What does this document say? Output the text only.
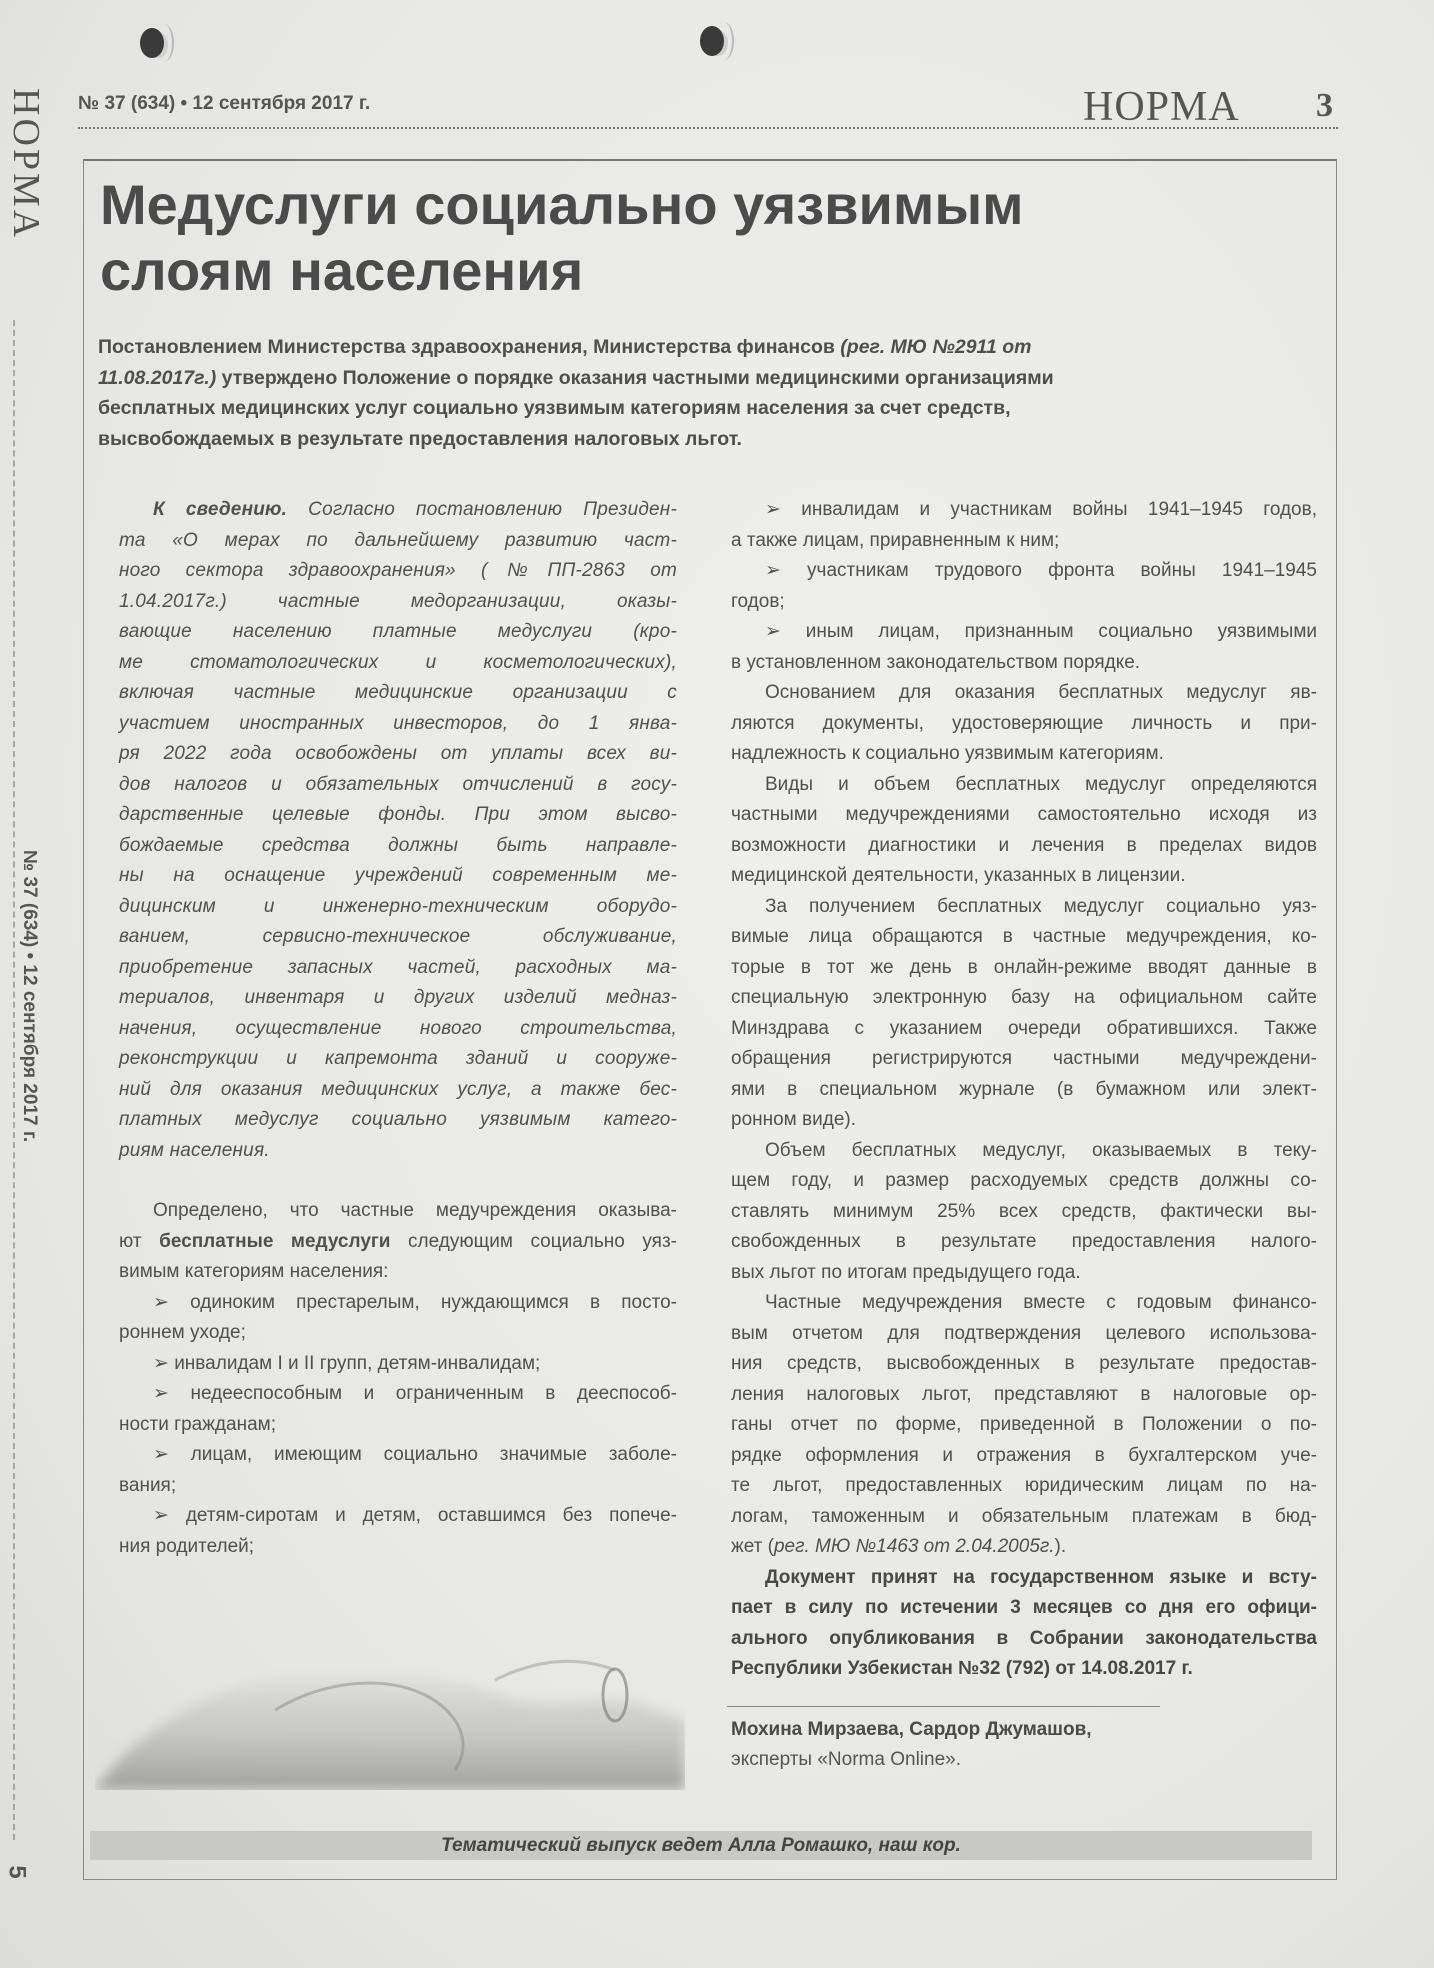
НОРМА
№ 37 (634) • 12 сентября 2017 г.
5
№ 37 (634) • 12 сентября 2017 г.	НОРМА 3
Медуслуги социально уязвимым
слоям населения
Постановлением Министерства здравоохранения, Министерства финансов (рег. МЮ №2911 от
11.08.2017г.) утверждено Положение о порядке оказания частными медицинскими организациями
бесплатных медицинских услуг социально уязвимым категориям населения за счет средств,
высвобождаемых в результате предоставления налоговых льгот.
К сведению. Согласно постановлению Президен-
та «О мерах по дальнейшему развитию част-
ного сектора здравоохранения» (№ПП-2863 от
1.04.2017г.) частные медорганизации, оказы-
вающие населению платные медуслуги (кро-
ме стоматологических и косметологических),
включая частные медицинские организации с
участием иностранных инвесторов, до 1 янва-
ря 2022 года освобождены от уплаты всех ви-
дов налогов и обязательных отчислений в госу-
дарственные целевые фонды. При этом высво-
бождаемые средства должны быть направле-
ны на оснащение учреждений современным ме-
дицинским и инженерно-техническим оборудо-
ванием, сервисно-техническое обслуживание,
приобретение запасных частей, расходных ма-
териалов, инвентаря и других изделий медназ-
начения, осуществление нового строительства,
реконструкции и капремонта зданий и сооруже-
ний для оказания медицинских услуг, а также бес-
платных медуслуг социально уязвимым катего-
риям населения.
Определено, что частные медучреждения оказыва-
ют бесплатные медуслуги следующим социально уяз-
вимым категориям населения:
➢ одиноким престарелым, нуждающимся в посто-
роннем уходе;
➢ инвалидам I и II групп, детям-инвалидам;
➢ недееспособным и ограниченным в дееспособ-
ности гражданам;
➢ лицам, имеющим социально значимые заболе-
вания;
➢ детям-сиротам и детям, оставшимся без попече-
ния родителей;
➢ инвалидам и участникам войны 1941–1945 годов,
а также лицам, приравненным к ним;
➢ участникам трудового фронта войны 1941–1945
годов;
➢ иным лицам, признанным социально уязвимыми
в установленном законодательством порядке.
Основанием для оказания бесплатных медуслуг яв-
ляются документы, удостоверяющие личность и при-
надлежность к социально уязвимым категориям.
Виды и объем бесплатных медуслуг определяются
частными медучреждениями самостоятельно исходя из
возможности диагностики и лечения в пределах видов
медицинской деятельности, указанных в лицензии.
За получением бесплатных медуслуг социально уяз-
вимые лица обращаются в частные медучреждения, ко-
торые в тот же день в онлайн-режиме вводят данные в
специальную электронную базу на официальном сайте
Минздрава с указанием очереди обратившихся. Также
обращения регистрируются частными медучреждени-
ями в специальном журнале (в бумажном или элект-
ронном виде).
Объем бесплатных медуслуг, оказываемых в теку-
щем году, и размер расходуемых средств должны со-
ставлять минимум 25% всех средств, фактически вы-
свобожденных в результате предоставления налого-
вых льгот по итогам предыдущего года.
Частные медучреждения вместе с годовым финансо-
вым отчетом для подтверждения целевого использова-
ния средств, высвобожденных в результате предостав-
ления налоговых льгот, представляют в налоговые ор-
ганы отчет по форме, приведенной в Положении о по-
рядке оформления и отражения в бухгалтерском уче-
те льгот, предоставленных юридическим лицам по на-
логам, таможенным и обязательным платежам в бюд-
жет (рег. МЮ №1463 от 2.04.2005г.).
Документ принят на государственном языке и всту-
пает в силу по истечении 3 месяцев со дня его офици-
ального опубликования в Собрании законодательства
Республики Узбекистан №32 (792) от 14.08.2017 г.
Мохина Мирзаева, Сардор Джумашов,
эксперты «Norma Online».
Тематический выпуск ведет Алла Ромашко, наш кор.
